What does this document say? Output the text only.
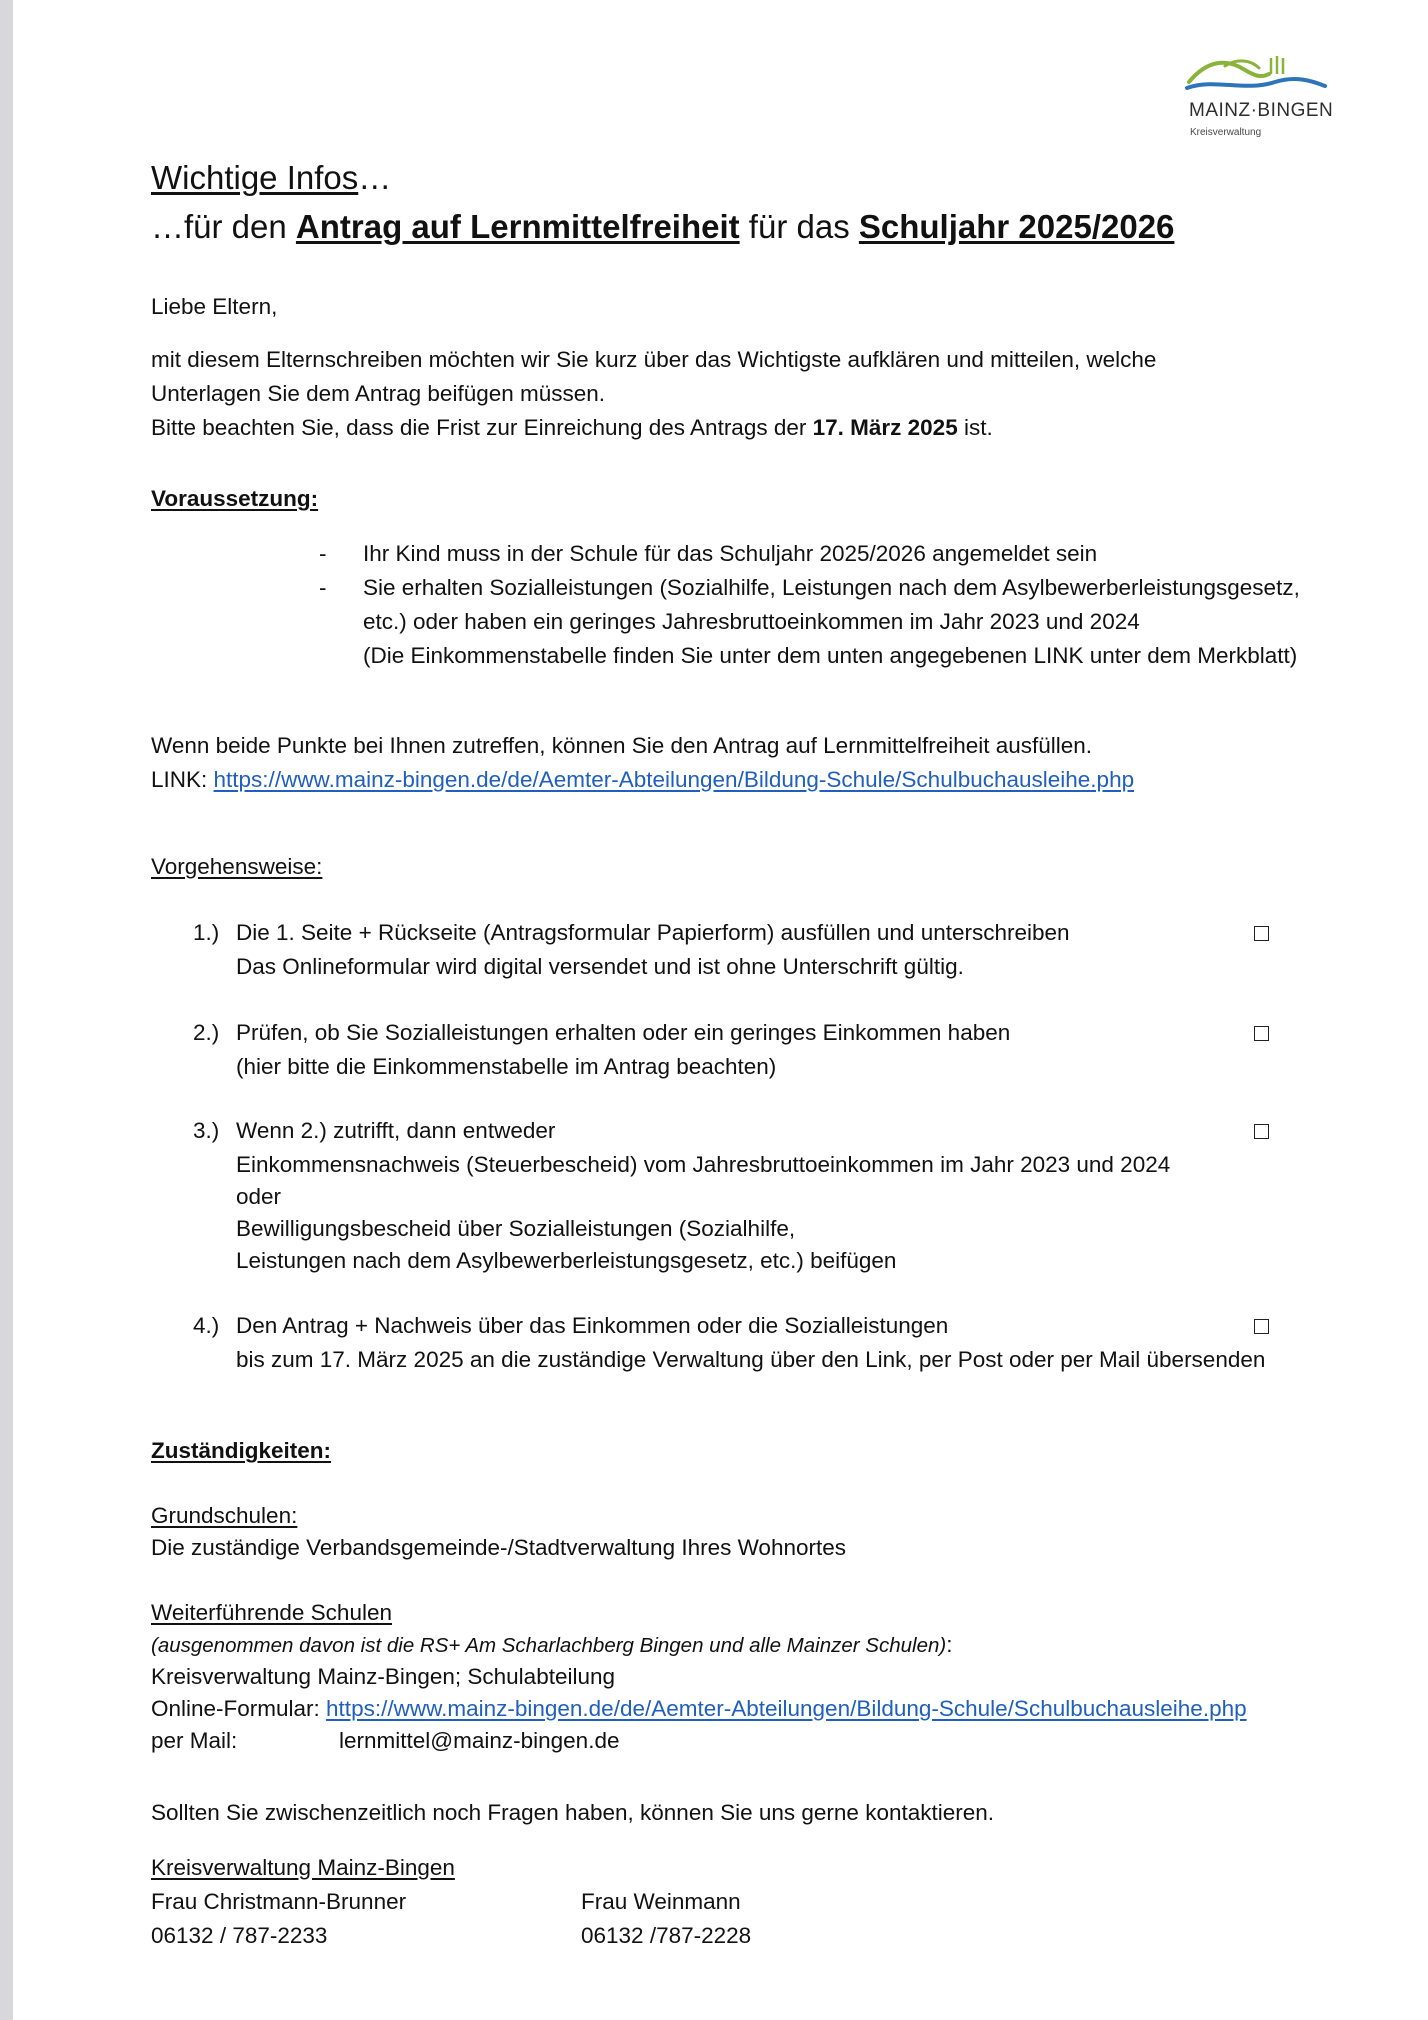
MAINZ·BINGEN
Kreisverwaltung
Wichtige Infos…
…für den Antrag auf Lernmittelfreiheit für das Schuljahr 2025/2026
Liebe Eltern,
mit diesem Elternschreiben möchten wir Sie kurz über das Wichtigste aufklären und mitteilen, welche
Unterlagen Sie dem Antrag beifügen müssen.
Bitte beachten Sie, dass die Frist zur Einreichung des Antrags der 17. März 2025 ist.
Voraussetzung:
- Ihr Kind muss in der Schule für das Schuljahr 2025/2026 angemeldet sein
- Sie erhalten Sozialleistungen (Sozialhilfe, Leistungen nach dem Asylbewerberleistungsgesetz,
etc.) oder haben ein geringes Jahresbruttoeinkommen im Jahr 2023 und 2024
(Die Einkommenstabelle finden Sie unter dem unten angegebenen LINK unter dem Merkblatt)
Wenn beide Punkte bei Ihnen zutreffen, können Sie den Antrag auf Lernmittelfreiheit ausfüllen.
LINK: https://www.mainz-bingen.de/de/Aemter-Abteilungen/Bildung-Schule/Schulbuchausleihe.php
Vorgehensweise:
1.) Die 1. Seite + Rückseite (Antragsformular Papierform) ausfüllen und unterschreiben
Das Onlineformular wird digital versendet und ist ohne Unterschrift gültig.
2.) Prüfen, ob Sie Sozialleistungen erhalten oder ein geringes Einkommen haben
(hier bitte die Einkommenstabelle im Antrag beachten)
3.) Wenn 2.) zutrifft, dann entweder
Einkommensnachweis (Steuerbescheid) vom Jahresbruttoeinkommen im Jahr 2023 und 2024
oder
Bewilligungsbescheid über Sozialleistungen (Sozialhilfe,
Leistungen nach dem Asylbewerberleistungsgesetz, etc.) beifügen
4.) Den Antrag + Nachweis über das Einkommen oder die Sozialleistungen
bis zum 17. März 2025 an die zuständige Verwaltung über den Link, per Post oder per Mail übersenden
Zuständigkeiten:
Grundschulen:
Die zuständige Verbandsgemeinde-/Stadtverwaltung Ihres Wohnortes
Weiterführende Schulen
(ausgenommen davon ist die RS+ Am Scharlachberg Bingen und alle Mainzer Schulen):
Kreisverwaltung Mainz-Bingen; Schulabteilung
Online-Formular: https://www.mainz-bingen.de/de/Aemter-Abteilungen/Bildung-Schule/Schulbuchausleihe.php
per Mail:	lernmittel@mainz-bingen.de
Sollten Sie zwischenzeitlich noch Fragen haben, können Sie uns gerne kontaktieren.
Kreisverwaltung Mainz-Bingen
Frau Christmann-Brunner
06132 / 787-2233
Frau Weinmann
06132 /787-2228
